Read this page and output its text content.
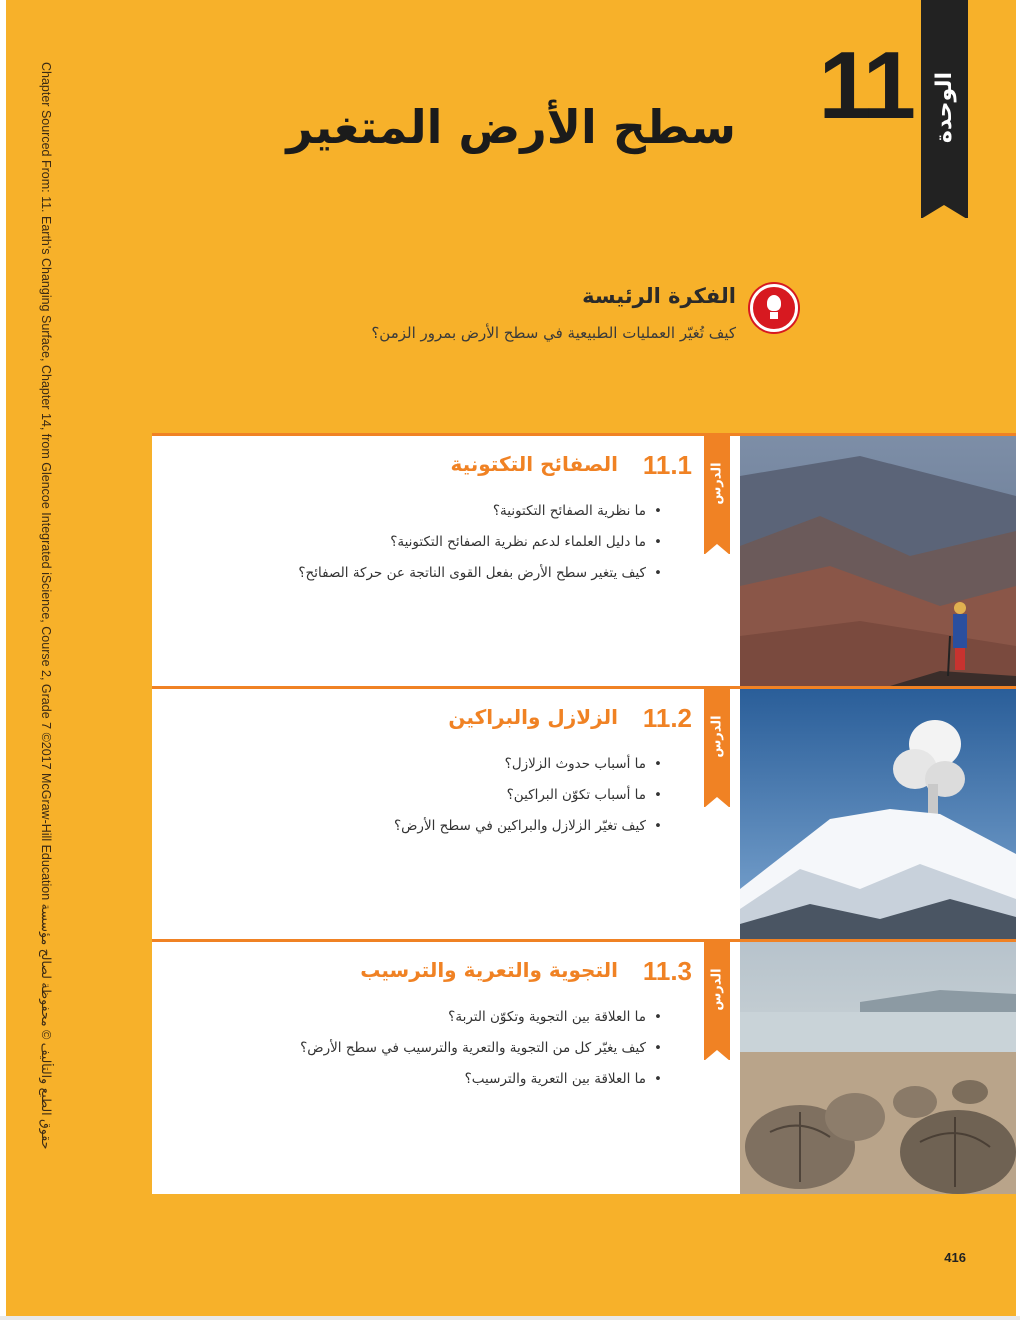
Chapter Sourced From: 11. Earth's Changing Surface, Chapter 14, from Glencoe Integrated iScience, Course 2, Grade 7 ©2017 McGraw-Hill Education حقوق الطبع والتأليف © محفوظة لصالح مؤسسة
الوحدة
11
سطح الأرض المتغير
الفكرة الرئيسة
كيف تُغيّر العمليات الطبيعية في سطح الأرض بمرور الزمن؟
الدرس
11.1
الصفائح التكتونية
• ما نظرية الصفائح التكتونية؟
• ما دليل العلماء لدعم نظرية الصفائح التكتونية؟
• كيف يتغير سطح الأرض بفعل القوى الناتجة عن حركة الصفائح؟
الدرس
11.2
الزلازل والبراكين
• ما أسباب حدوث الزلازل؟
• ما أسباب تكوّن البراكين؟
• كيف تغيّر الزلازل والبراكين في سطح الأرض؟
الدرس
11.3
التجوية والتعرية والترسيب
• ما العلاقة بين التجوية وتكوّن التربة؟
• كيف يغيّر كل من التجوية والتعرية والترسيب في سطح الأرض؟
• ما العلاقة بين التعرية والترسيب؟
416
